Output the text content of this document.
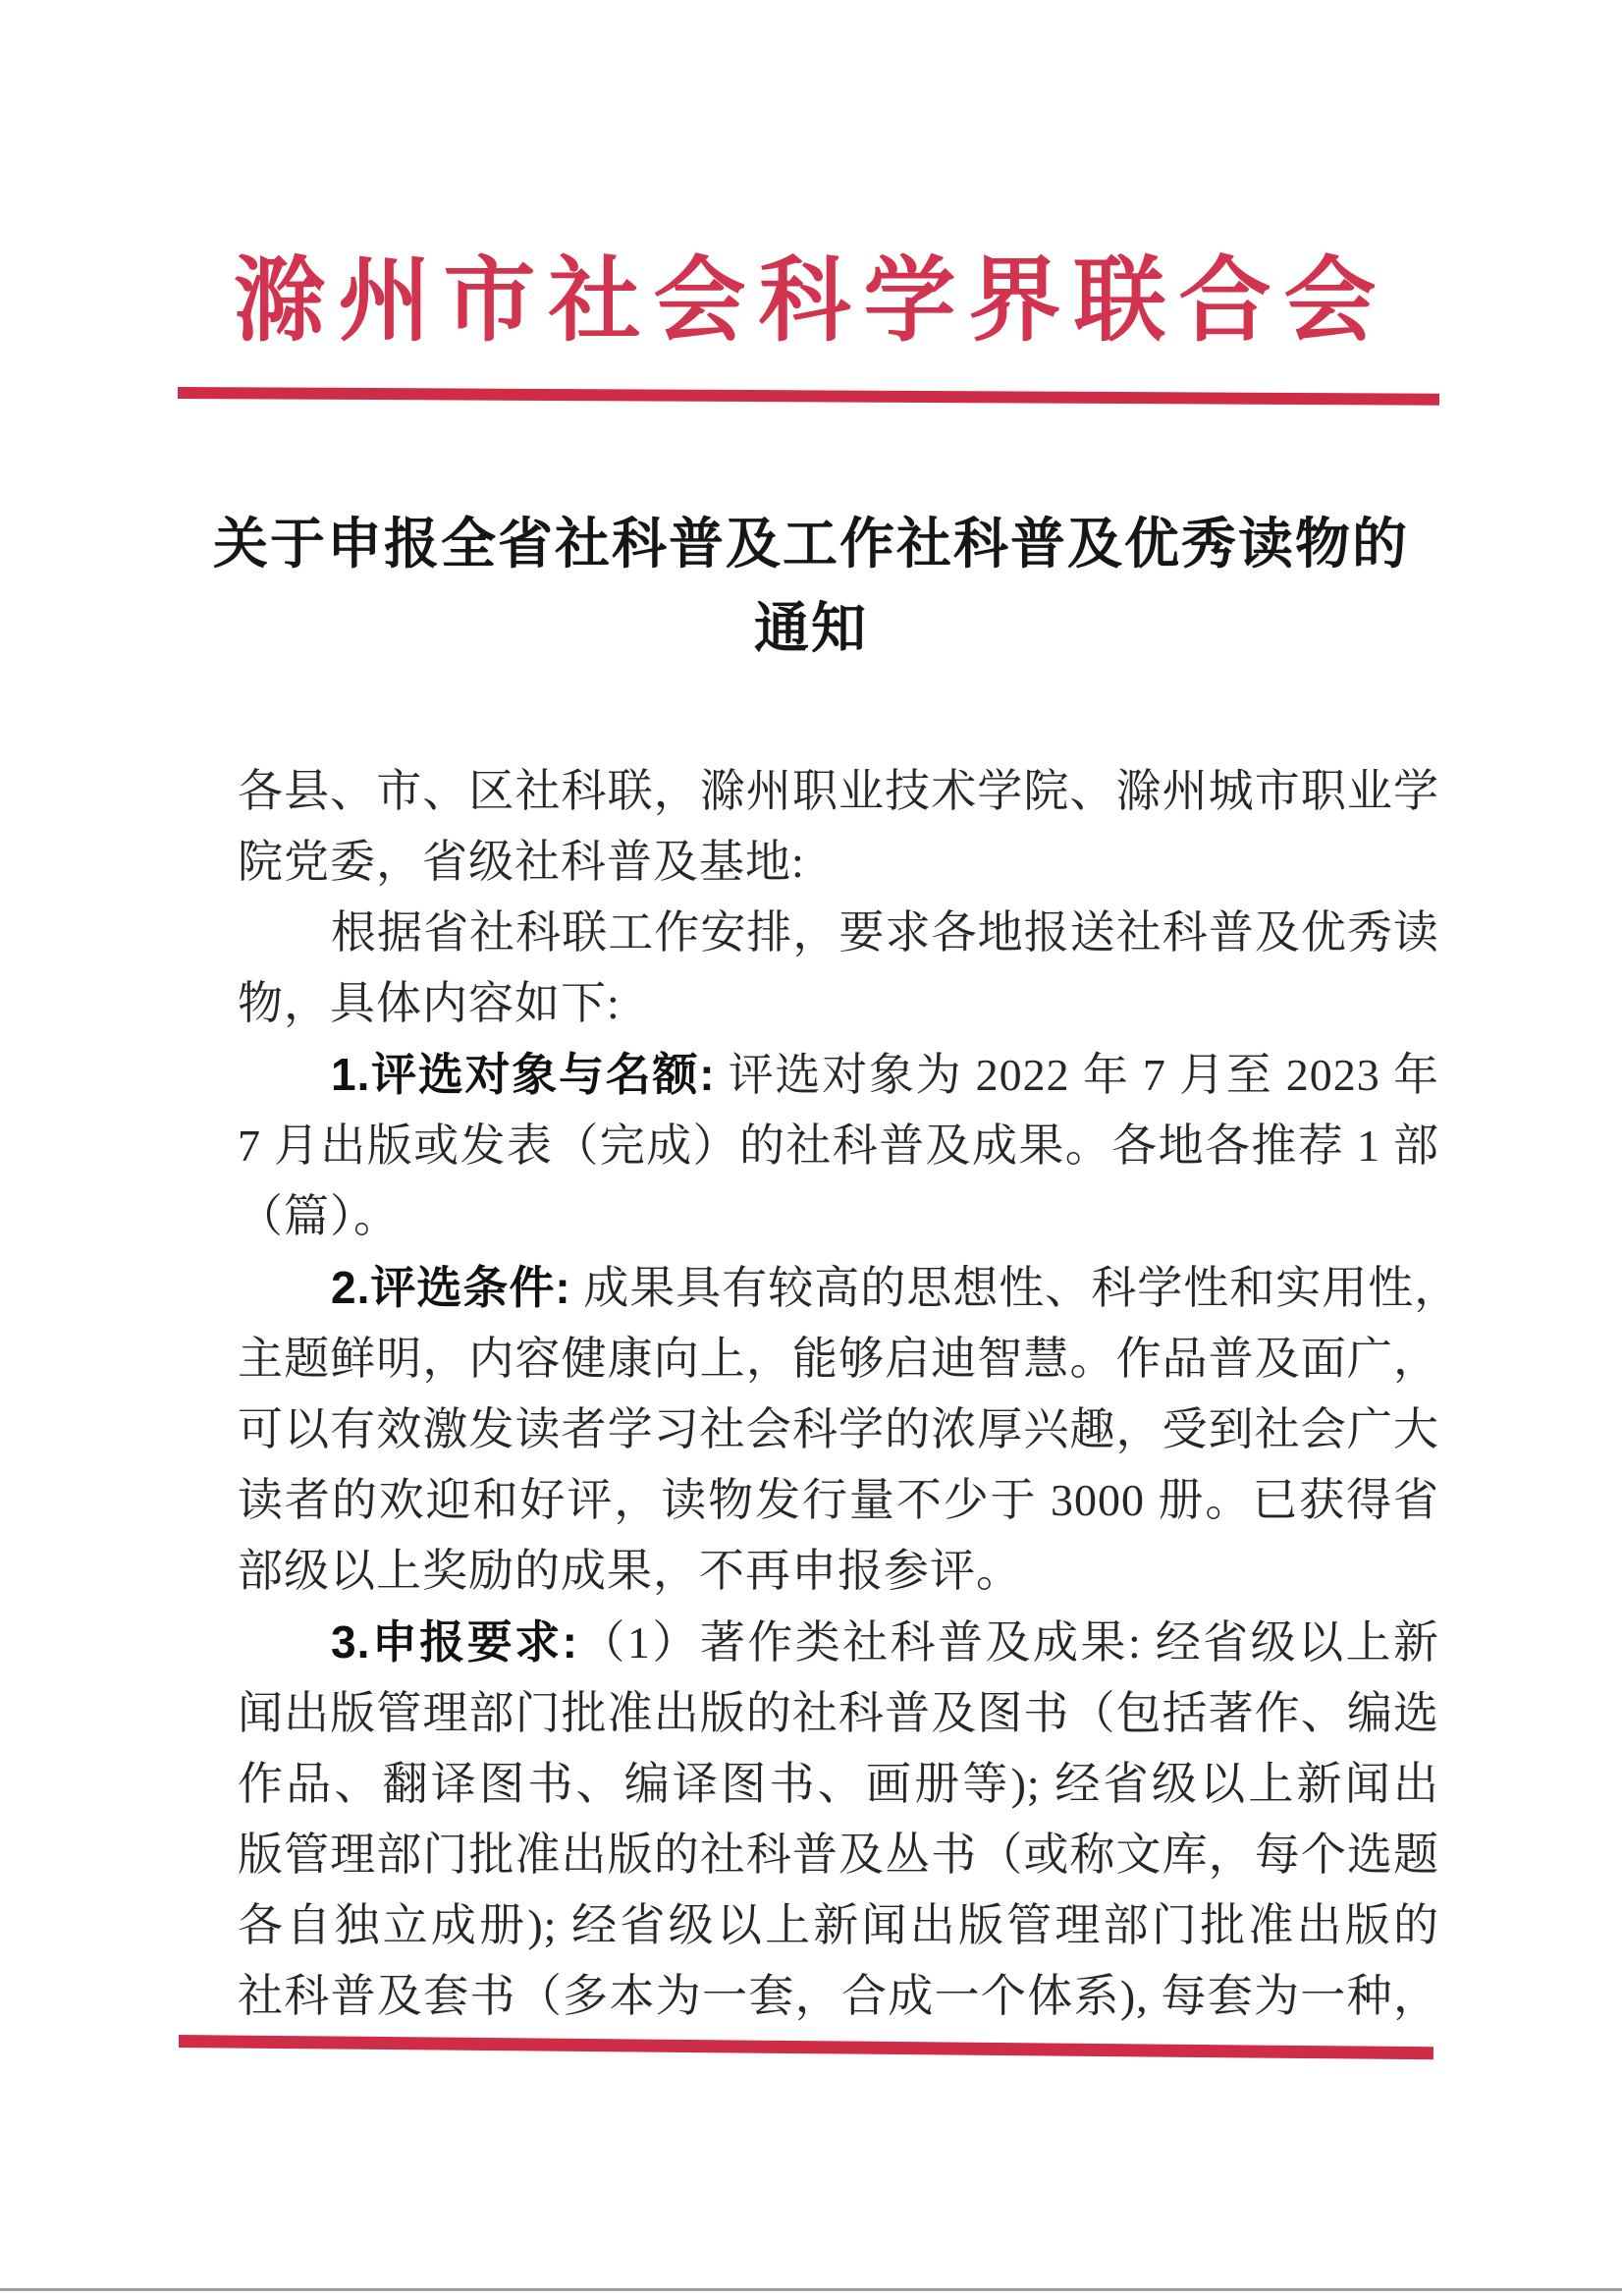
滁州市社会科学界联合会
关于申报全省社科普及工作社科普及优秀读物的
通知
各县、市、区社科联，滁州职业技术学院、滁州城市职业学
院党委，省级社科普及基地:
根据省社科联工作安排，要求各地报送社科普及优秀读
物，具体内容如下:
1.评选对象与名额: 评选对象为 2022 年 7 月至 2023 年
7 月出版或发表（完成）的社科普及成果。各地各推荐 1 部
（篇）。
2.评选条件: 成果具有较高的思想性、科学性和实用性，
主题鲜明，内容健康向上，能够启迪智慧。作品普及面广，
可以有效激发读者学习社会科学的浓厚兴趣，受到社会广大
读者的欢迎和好评，读物发行量不少于 3000 册。已获得省
部级以上奖励的成果，不再申报参评。
3.申报要求:（1）著作类社科普及成果: 经省级以上新
闻出版管理部门批准出版的社科普及图书（包括著作、编选
作品、翻译图书、编译图书、画册等); 经省级以上新闻出
版管理部门批准出版的社科普及丛书（或称文库，每个选题
各自独立成册); 经省级以上新闻出版管理部门批准出版的
社科普及套书（多本为一套，合成一个体系), 每套为一种，
